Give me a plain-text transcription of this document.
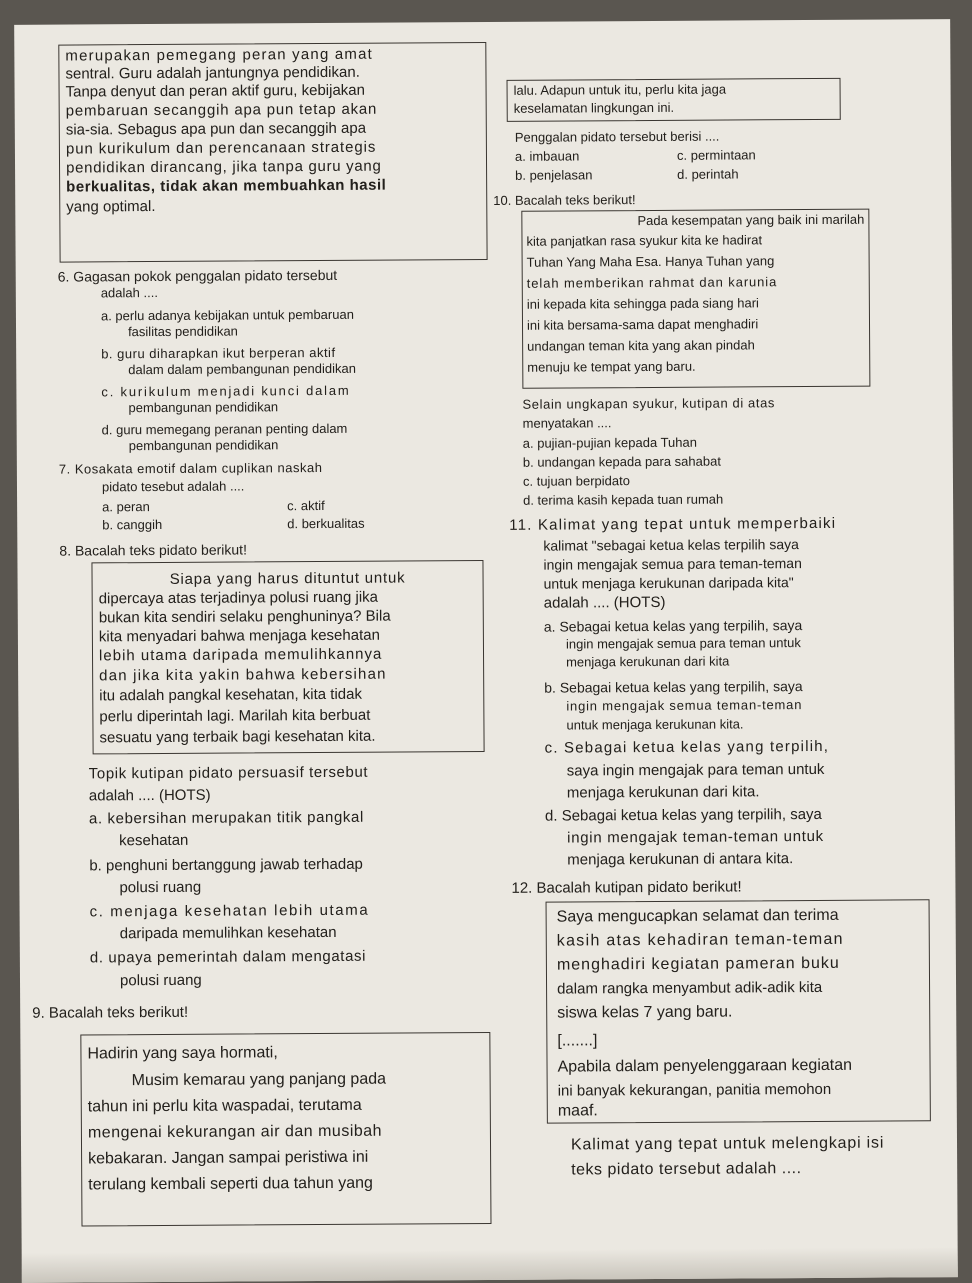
merupakan pemegang peran yang amat
sentral. Guru adalah jantungnya pendidikan.
Tanpa denyut dan peran aktif guru, kebijakan
pembaruan secanggih apa pun tetap akan
sia-sia. Sebagus apa pun dan secanggih apa
pun kurikulum dan perencanaan strategis
pendidikan dirancang, jika tanpa guru yang
berkualitas, tidak akan membuahkan hasil
yang optimal.
6. Gagasan pokok penggalan pidato tersebut
adalah ....
a. perlu adanya kebijakan untuk pembaruan
fasilitas pendidikan
b. guru diharapkan ikut berperan aktif
dalam dalam pembangunan pendidikan
c. kurikulum menjadi kunci dalam
pembangunan pendidikan
d. guru memegang peranan penting dalam
pembangunan pendidikan
7. Kosakata emotif dalam cuplikan naskah
pidato tesebut adalah ....
a. peran	c. aktif
b. canggih	d. berkualitas
8. Bacalah teks pidato berikut!
Siapa yang harus dituntut untuk
dipercaya atas terjadinya polusi ruang jika
bukan kita sendiri selaku penghuninya? Bila
kita menyadari bahwa menjaga kesehatan
lebih utama daripada memulihkannya
dan jika kita yakin bahwa kebersihan
itu adalah pangkal kesehatan, kita tidak
perlu diperintah lagi. Marilah kita berbuat
sesuatu yang terbaik bagi kesehatan kita.
Topik kutipan pidato persuasif tersebut
adalah .... (HOTS)
a. kebersihan merupakan titik pangkal
kesehatan
b. penghuni bertanggung jawab terhadap
polusi ruang
c. menjaga kesehatan lebih utama
daripada memulihkan kesehatan
d. upaya pemerintah dalam mengatasi
polusi ruang
9. Bacalah teks berikut!
Hadirin yang saya hormati,
Musim kemarau yang panjang pada
tahun ini perlu kita waspadai, terutama
mengenai kekurangan air dan musibah
kebakaran. Jangan sampai peristiwa ini
terulang kembali seperti dua tahun yang
lalu. Adapun untuk itu, perlu kita jaga
keselamatan lingkungan ini.
Penggalan pidato tersebut berisi ....
a. imbauan	c. permintaan
b. penjelasan	d. perintah
10. Bacalah teks berikut!
Pada kesempatan yang baik ini marilah
kita panjatkan rasa syukur kita ke hadirat
Tuhan Yang Maha Esa. Hanya Tuhan yang
telah memberikan rahmat dan karunia
ini kepada kita sehingga pada siang hari
ini kita bersama-sama dapat menghadiri
undangan teman kita yang akan pindah
menuju ke tempat yang baru.
Selain ungkapan syukur, kutipan di atas
menyatakan ....
a. pujian-pujian kepada Tuhan
b. undangan kepada para sahabat
c. tujuan berpidato
d. terima kasih kepada tuan rumah
11. Kalimat yang tepat untuk memperbaiki
kalimat "sebagai ketua kelas terpilih saya
ingin mengajak semua para teman-teman
untuk menjaga kerukunan daripada kita"
adalah .... (HOTS)
a. Sebagai ketua kelas yang terpilih, saya
ingin mengajak semua para teman untuk
menjaga kerukunan dari kita
b. Sebagai ketua kelas yang terpilih, saya
ingin mengajak semua teman-teman
untuk menjaga kerukunan kita.
c. Sebagai ketua kelas yang terpilih,
saya ingin mengajak para teman untuk
menjaga kerukunan dari kita.
d. Sebagai ketua kelas yang terpilih, saya
ingin mengajak teman-teman untuk
menjaga kerukunan di antara kita.
12. Bacalah kutipan pidato berikut!
Saya mengucapkan selamat dan terima
kasih atas kehadiran teman-teman
menghadiri kegiatan pameran buku
dalam rangka menyambut adik-adik kita
siswa kelas 7 yang baru.
[.......]
Apabila dalam penyelenggaraan kegiatan
ini banyak kekurangan, panitia memohon
maaf.
Kalimat yang tepat untuk melengkapi isi
teks pidato tersebut adalah ....
